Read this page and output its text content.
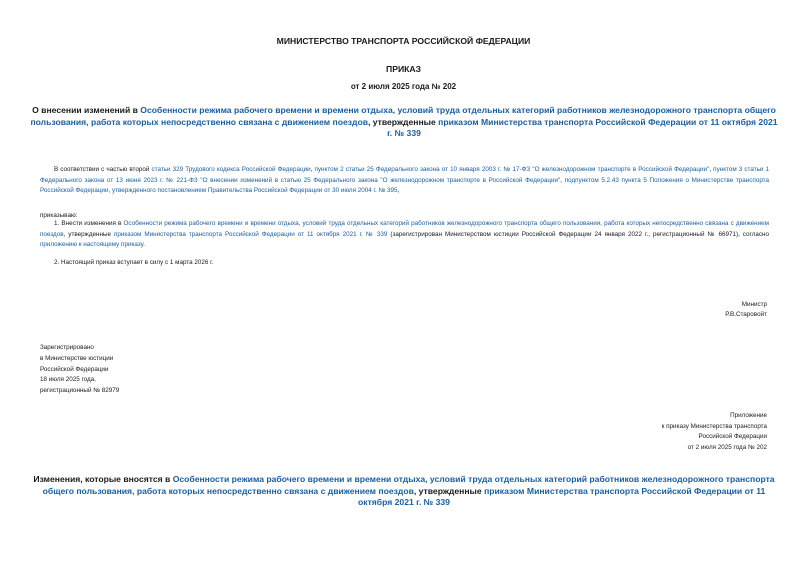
МИНИСТЕРСТВО ТРАНСПОРТА РОССИЙСКОЙ ФЕДЕРАЦИИ
ПРИКАЗ
от 2 июля 2025 года № 202
О внесении изменений в Особенности режима рабочего времени и времени отдыха, условий труда отдельных категорий работников железнодорожного транспорта общего пользования, работа которых непосредственно связана с движением поездов, утвержденные приказом Министерства транспорта Российской Федерации от 11 октября 2021 г. № 339
В соответствии с частью второй статьи 329 Трудового кодекса Российской Федерации, пунктом 2 статьи 25 Федерального закона от 10 января 2003 г. № 17-ФЗ "О железнодорожном транспорте в Российской Федерации", пунктом 3 статьи 1 Федерального закона от 13 июня 2023 г. № 221-ФЗ "О внесении изменений в статью 25 Федерального закона "О железнодорожном транспорте в Российской Федерации", подпунктом 5.2.43 пункта 5 Положения о Министерстве транспорта Российской Федерации, утвержденного постановлением Правительства Российской Федерации от 30 июля 2004 г. № 395,
приказываю:
1. Внести изменения в Особенности режима рабочего времени и времени отдыха, условий труда отдельных категорий работников железнодорожного транспорта общего пользования, работа которых непосредственно связана с движением поездов, утвержденные приказом Министерства транспорта Российской Федерации от 11 октября 2021 г. № 339 (зарегистрирован Министерством юстиции Российской Федерации 24 января 2022 г., регистрационный № 66971), согласно приложению к настоящему приказу.
2. Настоящий приказ вступает в силу с 1 марта 2026 г.
Министр
Р.В.Старовойт
Зарегистрировано
в Министерстве юстиции
Российской Федерации
18 июля 2025 года,
регистрационный № 82979
Приложение
к приказу Министерства транспорта
Российской Федерации
от 2 июля 2025 года № 202
Изменения, которые вносятся в Особенности режима рабочего времени и времени отдыха, условий труда отдельных категорий работников железнодорожного транспорта общего пользования, работа которых непосредственно связана с движением поездов, утвержденные приказом Министерства транспорта Российской Федерации от 11 октября 2021 г. № 339
